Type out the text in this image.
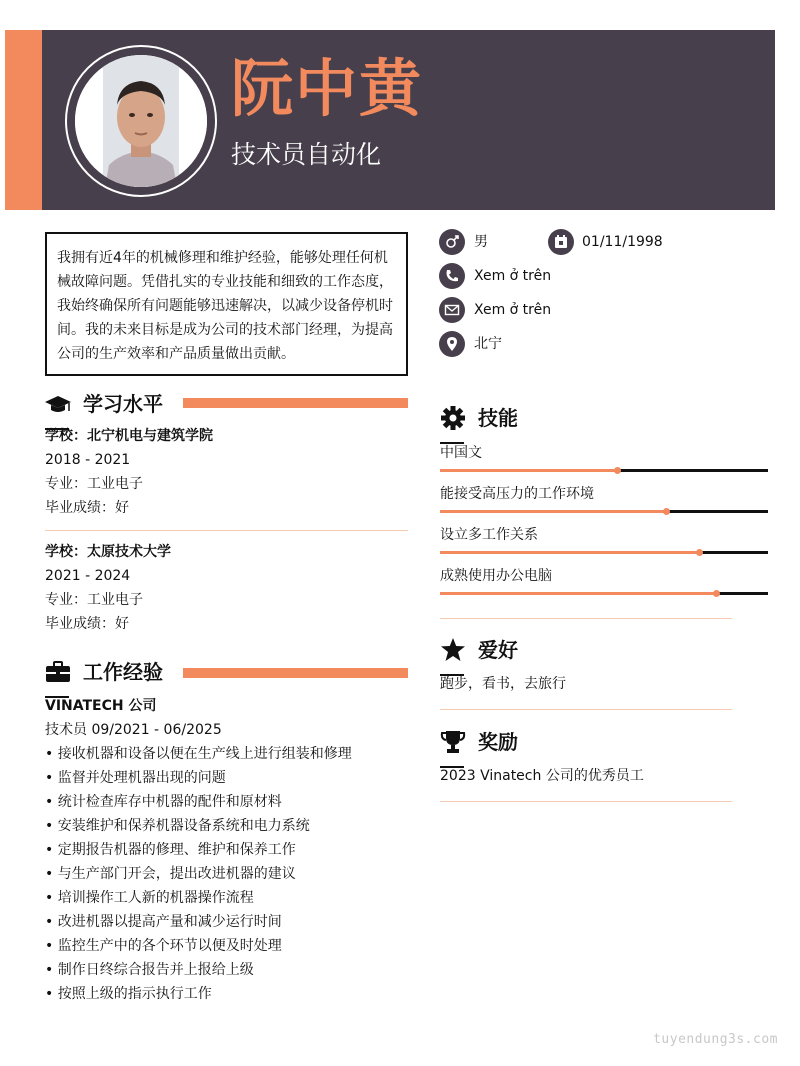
阮中黄
技术员自动化
我拥有近4年的机械修理和维护经验，能够处理任何机械故障问题。凭借扎实的专业技能和细致的工作态度，我始终确保所有问题能够迅速解决，以减少设备停机时间。我的未来目标是成为公司的技术部门经理，为提高公司的生产效率和产品质量做出贡献。
学习水平
学校：北宁机电与建筑学院
2018 - 2021
专业：工业电子
毕业成绩：好
学校：太原技术大学
2021 - 2024
专业：工业电子
毕业成绩：好
工作经验
VINATECH 公司
技术员 09/2021 - 06/2025
• 接收机器和设备以便在生产线上进行组装和修理
• 监督并处理机器出现的问题
• 统计检查库存中机器的配件和原材料
• 安装维护和保养机器设备系统和电力系统
• 定期报告机器的修理、维护和保养工作
• 与生产部门开会，提出改进机器的建议
• 培训操作工人新的机器操作流程
• 改进机器以提高产量和减少运行时间
• 监控生产中的各个环节以便及时处理
• 制作日终综合报告并上报给上级
• 按照上级的指示执行工作
男	01/11/1998
Xem ở trên
Xem ở trên
北宁
技能
中国文
能接受高压力的工作环境
设立多工作关系
成熟使用办公电脑
爱好
跑步，看书，去旅行
奖励
2023 Vinatech 公司的优秀员工
tuyendung3s.com
